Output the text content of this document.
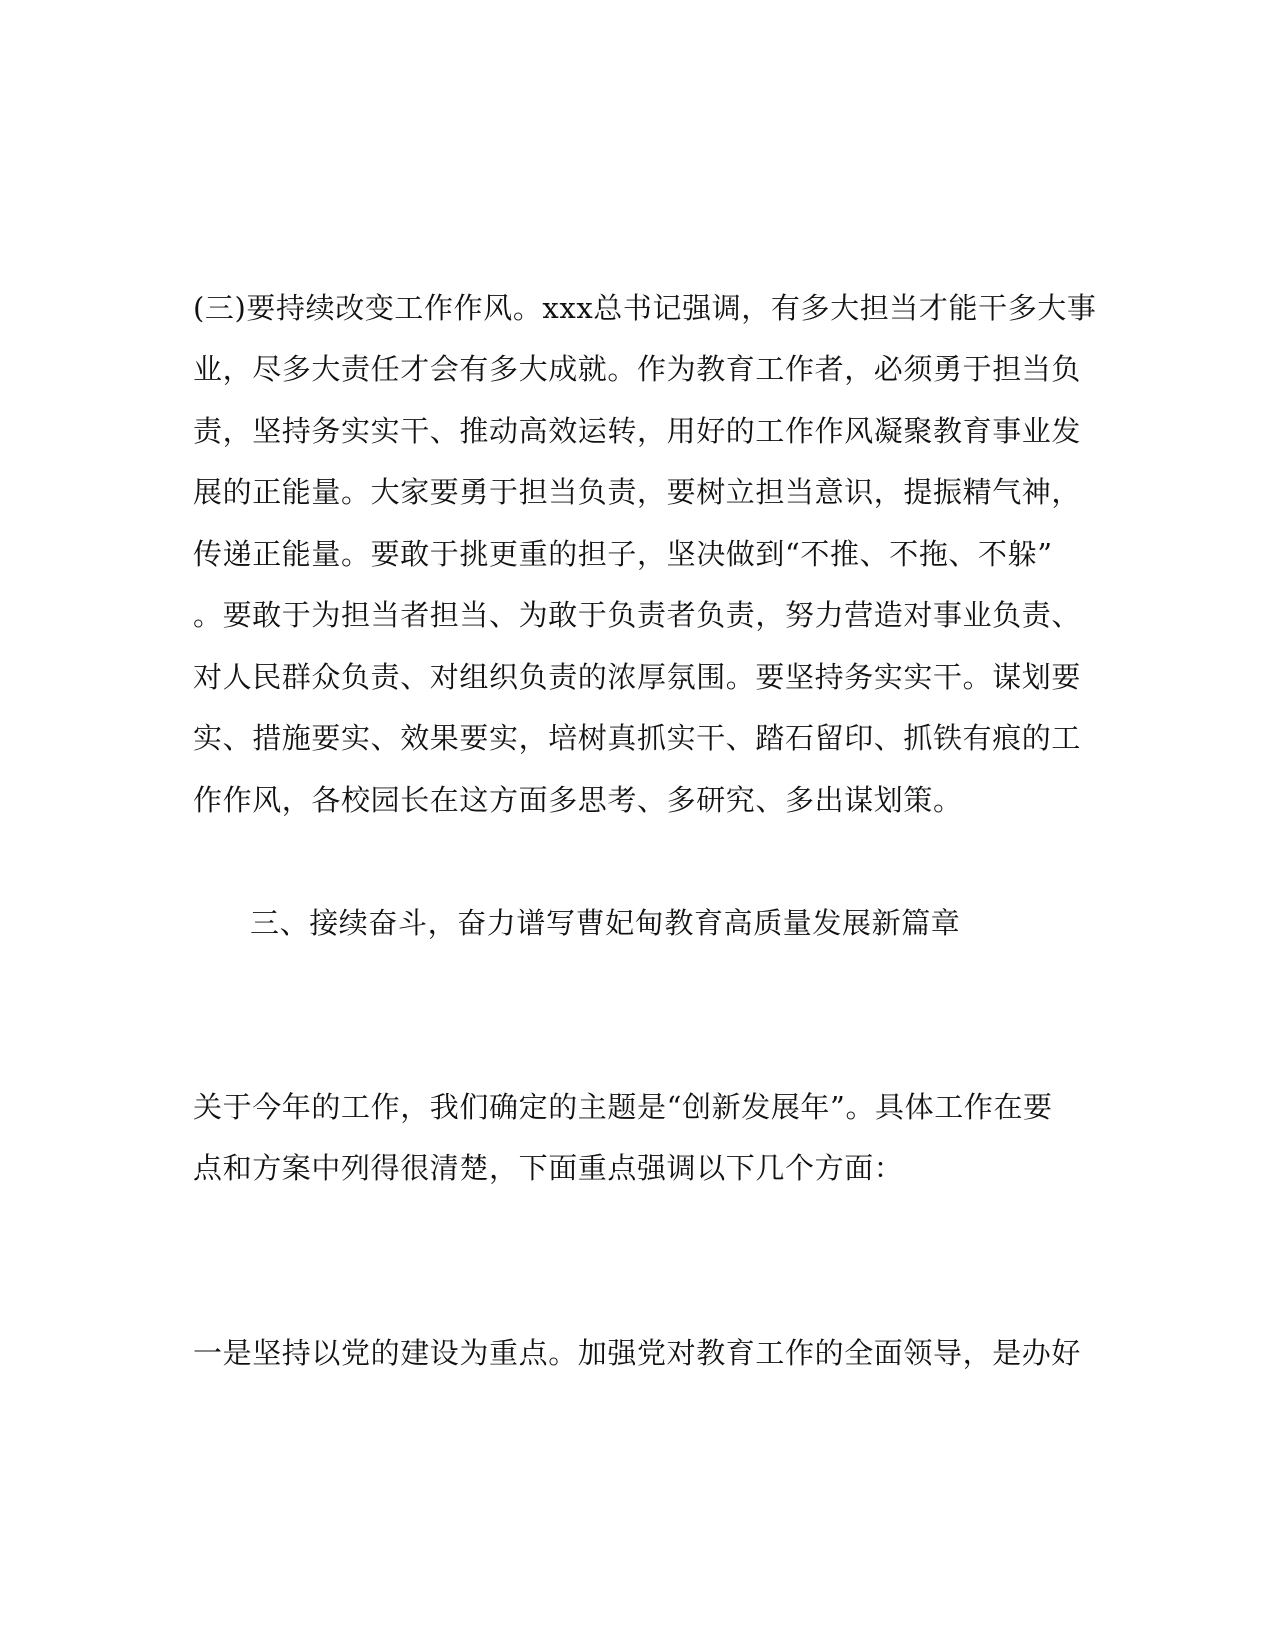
(三)要持续改变工作作风。xxx总书记强调，有多大担当才能干多大事
业，尽多大责任才会有多大成就。作为教育工作者，必须勇于担当负
责，坚持务实实干、推动高效运转，用好的工作作风凝聚教育事业发
展的正能量。大家要勇于担当负责，要树立担当意识，提振精气神，
传递正能量。要敢于挑更重的担子，坚决做到“不推、不拖、不躲”
。要敢于为担当者担当、为敢于负责者负责，努力营造对事业负责、
对人民群众负责、对组织负责的浓厚氛围。要坚持务实实干。谋划要
实、措施要实、效果要实，培树真抓实干、踏石留印、抓铁有痕的工
作作风，各校园长在这方面多思考、多研究、多出谋划策。
三、接续奋斗，奋力谱写曹妃甸教育高质量发展新篇章
关于今年的工作，我们确定的主题是“创新发展年”。具体工作在要
点和方案中列得很清楚，下面重点强调以下几个方面：
一是坚持以党的建设为重点。加强党对教育工作的全面领导，是办好
